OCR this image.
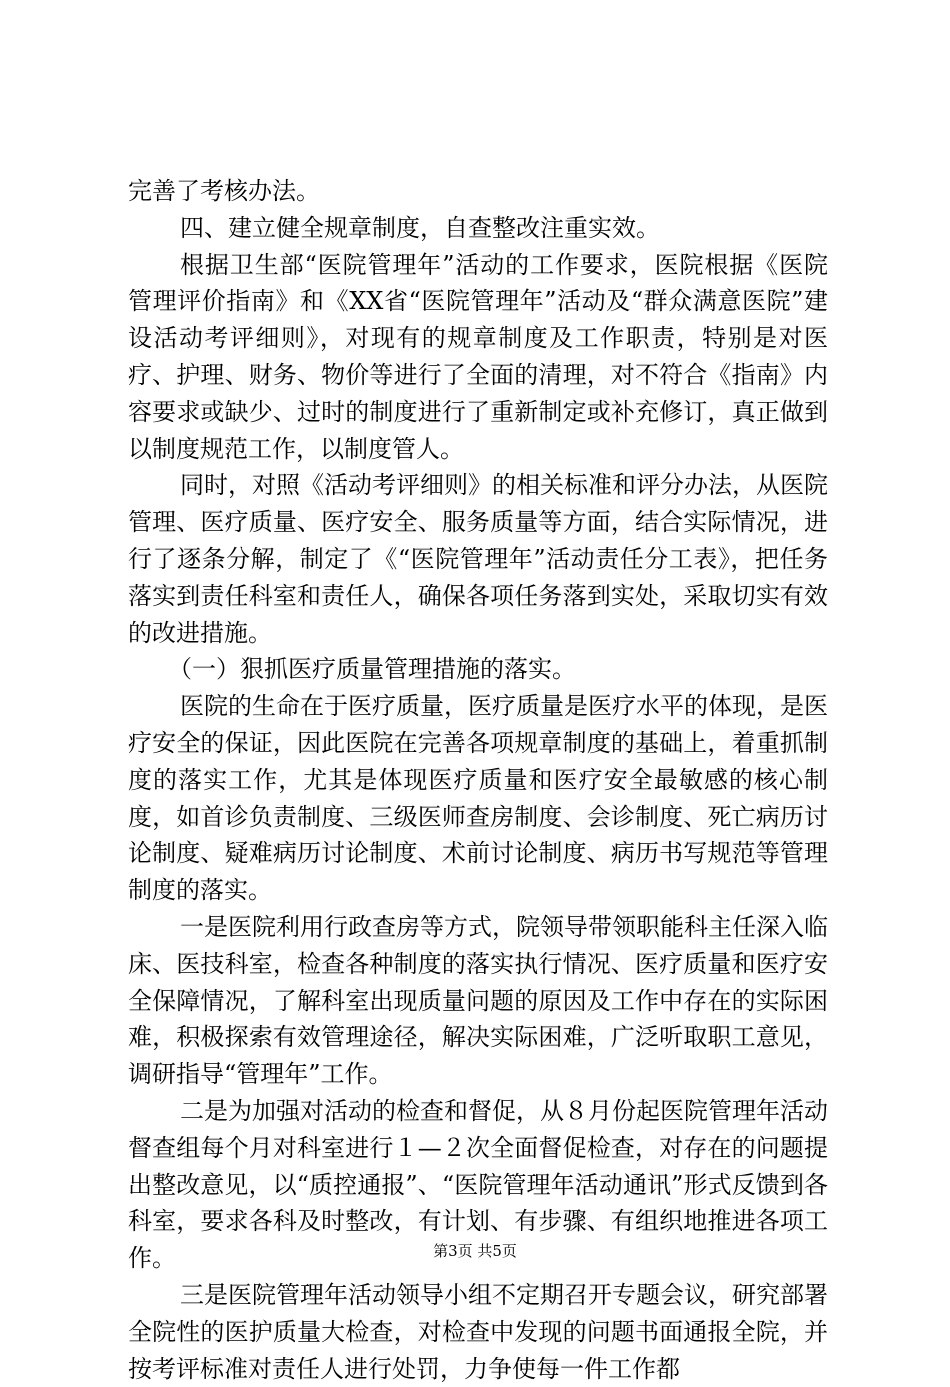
完善了考核办法。

四、建立健全规章制度，自查整改注重实效。

根据卫生部“医院管理年”活动的工作要求，医院根据《医院管理评价指南》和《XX省“医院管理年”活动及“群众满意医院”建设活动考评细则》，对现有的规章制度及工作职责，特别是对医疗、护理、财务、物价等进行了全面的清理，对不符合《指南》内容要求或缺少、过时的制度进行了重新制定或补充修订，真正做到以制度规范工作，以制度管人。

同时，对照《活动考评细则》的相关标准和评分办法，从医院管理、医疗质量、医疗安全、服务质量等方面，结合实际情况，进行了逐条分解，制定了《“医院管理年”活动责任分工表》，把任务落实到责任科室和责任人，确保各项任务落到实处，采取切实有效的改进措施。

（一）狠抓医疗质量管理措施的落实。

医院的生命在于医疗质量，医疗质量是医疗水平的体现，是医疗安全的保证，因此医院在完善各项规章制度的基础上，着重抓制度的落实工作，尤其是体现医疗质量和医疗安全最敏感的核心制度，如首诊负责制度、三级医师查房制度、会诊制度、死亡病历讨论制度、疑难病历讨论制度、术前讨论制度、病历书写规范等管理制度的落实。

一是医院利用行政查房等方式，院领导带领职能科主任深入临床、医技科室，检查各种制度的落实执行情况、医疗质量和医疗安全保障情况，了解科室出现质量问题的原因及工作中存在的实际困难，积极探索有效管理途径，解决实际困难，广泛听取职工意见，调研指导“管理年”工作。

二是为加强对活动的检查和督促，从８月份起医院管理年活动督查组每个月对科室进行１—２次全面督促检查，对存在的问题提出整改意见，以“质控通报”、“医院管理年活动通讯”形式反馈到各科室，要求各科及时整改，有计划、有步骤、有组织地推进各项工作。

三是医院管理年活动领导小组不定期召开专题会议，研究部署全院性的医护质量大检查，对检查中发现的问题书面通报全院，并按考评标准对责任人进行处罚，力争使每一件工作都

第3页 共5页
